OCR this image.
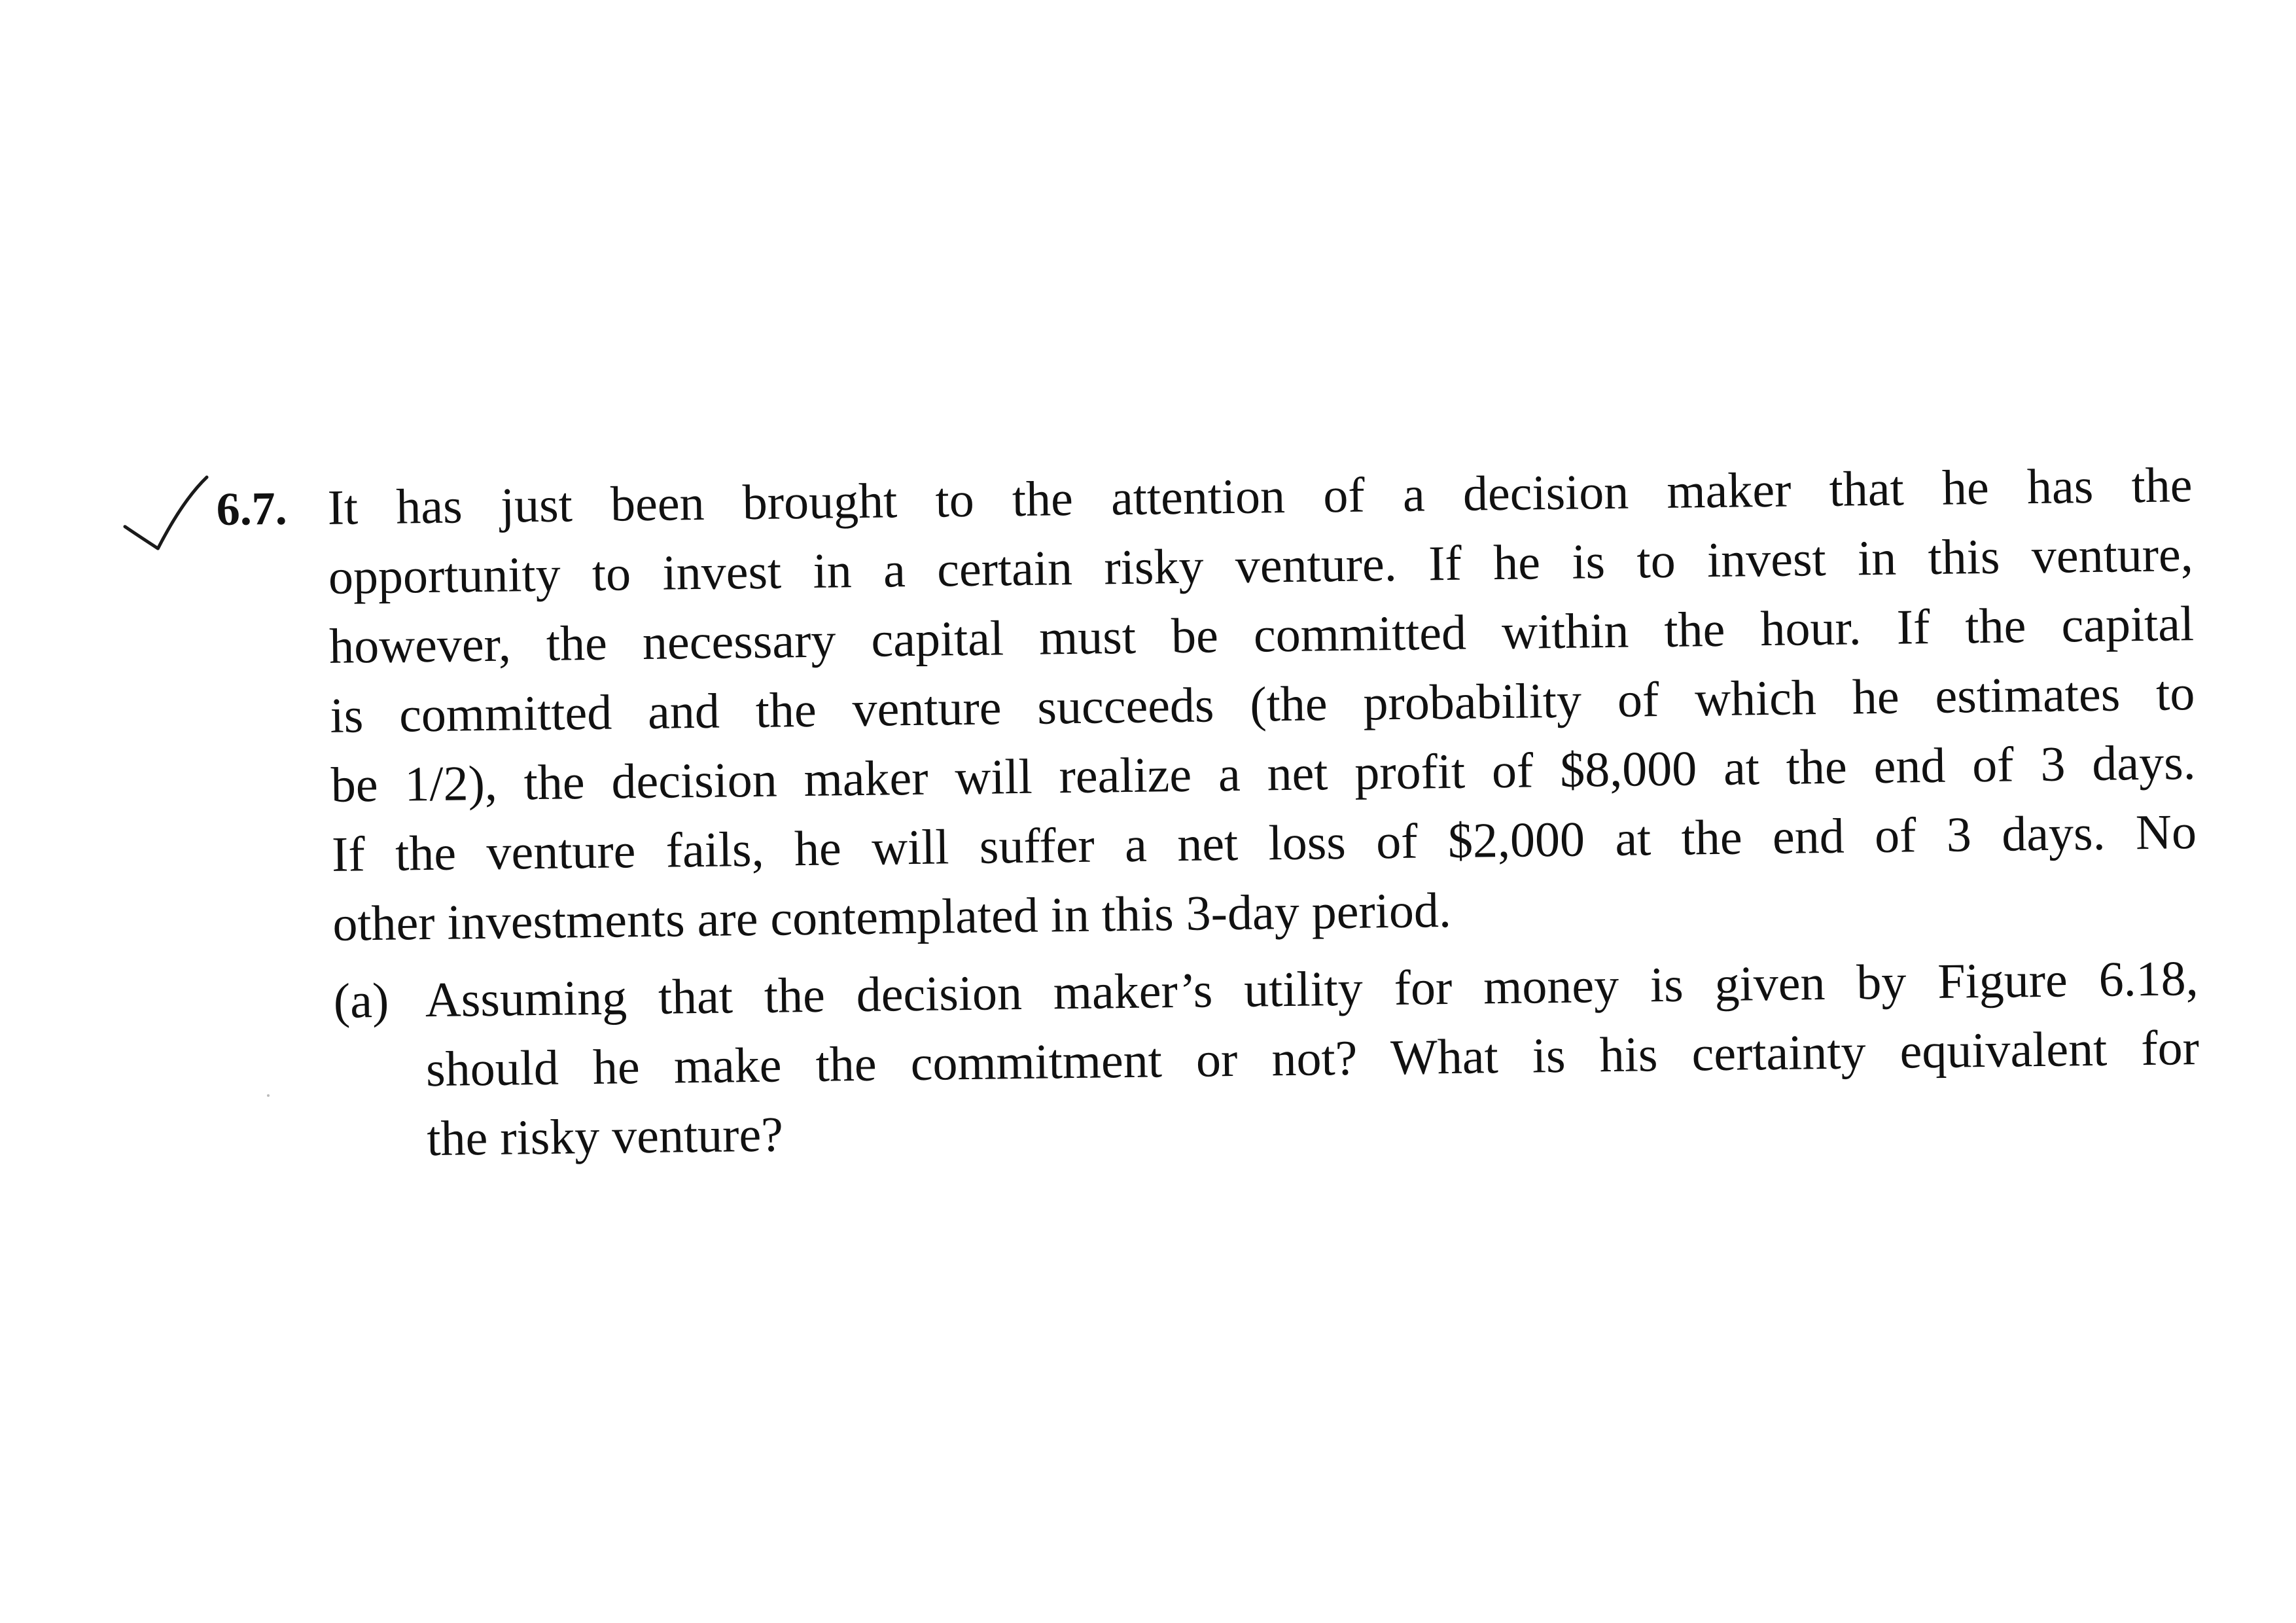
6.7. It has just been brought to the attention of a decision maker that he has the
opportunity to invest in a certain risky venture. If he is to invest in this venture,
however, the necessary capital must be committed within the hour. If the capital
is committed and the venture succeeds (the probability of which he estimates to
be 1/2), the decision maker will realize a net profit of $8,000 at the end of 3 days.
If the venture fails, he will suffer a net loss of $2,000 at the end of 3 days. No
other investments are contemplated in this 3-day period.
(a) Assuming that the decision maker’s utility for money is given by Figure 6.18,
should he make the commitment or not? What is his certainty equivalent for
the risky venture?
